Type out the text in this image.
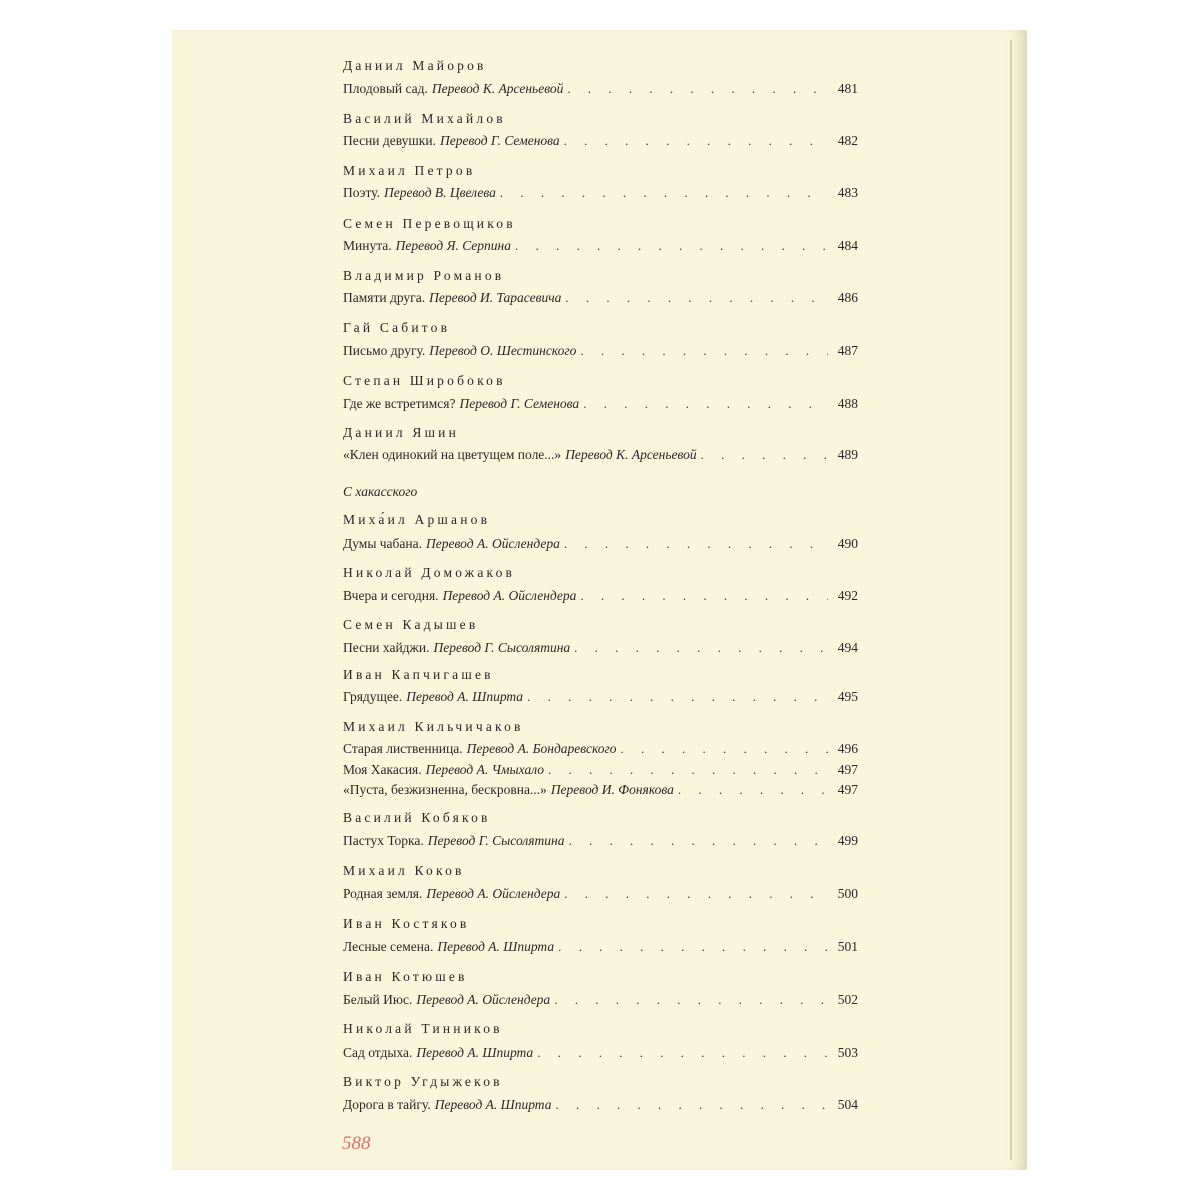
С хакасского
Даниил Майоров
Плодовый сад. Перевод К. Арсеньевой . . .	481
Василий Михайлов
Песни девушки. Перевод Г. Семенова . . .	482
Михаил Петров
Поэту. Перевод В. Цвелева . . .	483
Семен Перевощиков
Минута. Перевод Я. Серпина . . .	484
Владимир Романов
Памяти друга. Перевод И. Тарасевича . . .	486
Гай Сабитов
Письмо другу. Перевод О. Шестинского . . .	487
Степан Широбоков
Где же встретимся? Перевод Г. Семенова . . .	488
Даниил Яшин
«Клен одинокий на цветущем поле...» Перевод К. Арсеньевой . . .	489
Миха́ил Аршанов
Думы чабана. Перевод А. Ойслендера . . .	490
Николай Доможаков
Вчера и сегодня. Перевод А. Ойслендера . . .	492
Семен Кадышев
Песни хайджи. Перевод Г. Сысолятина . . .	494
Иван Капчигашев
Грядущее. Перевод А. Шпирта . . .	495
Михаил Кильчичаков
Старая лиственница. Перевод А. Бондаревского . . .	496
Моя Хакасия. Перевод А. Чмыхало . . .	497
«Пуста, безжизненна, бескровна...» Перевод И. Фонякова . . .	497
Василий Кобяков
Пастух Торка. Перевод Г. Сысолятина . . .	499
Михаил Коков
Родная земля. Перевод А. Ойслендера . . .	500
Иван Костяков
Лесные семена. Перевод А. Шпирта . . .	501
Иван Котюшев
Белый Июс. Перевод А. Ойслендера . . .	502
Николай Тинников
Сад отдыха. Перевод А. Шпирта . . .	503
Виктор Угдыжеков
Дорога в тайгу. Перевод А. Шпирта . . .	504
588
